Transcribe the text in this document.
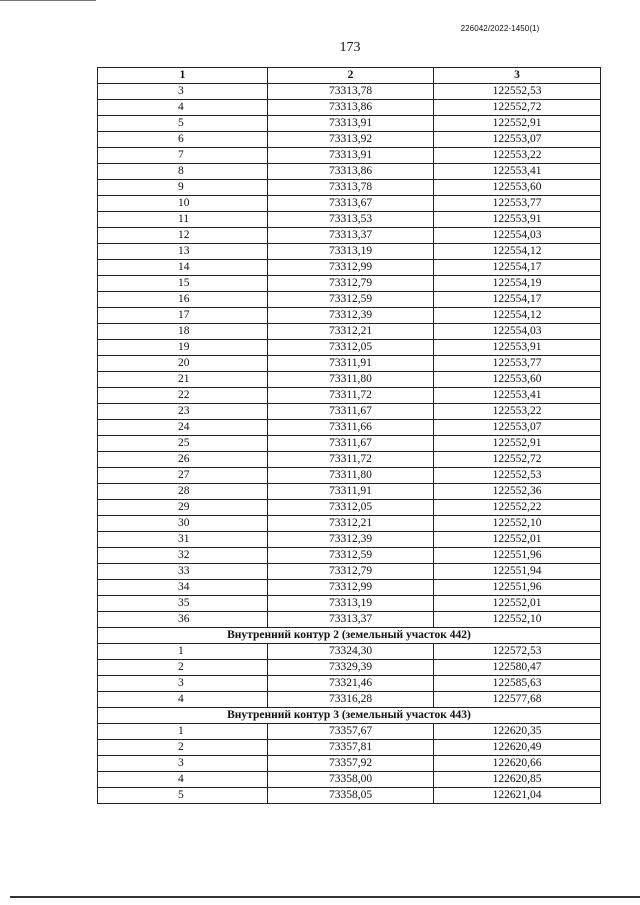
226042/2022-1450(1)
173
1	2	3
3	73313,78	122552,53
4	73313,86	122552,72
5	73313,91	122552,91
6	73313,92	122553,07
7	73313,91	122553,22
8	73313,86	122553,41
9	73313,78	122553,60
10	73313,67	122553,77
11	73313,53	122553,91
12	73313,37	122554,03
13	73313,19	122554,12
14	73312,99	122554,17
15	73312,79	122554,19
16	73312,59	122554,17
17	73312,39	122554,12
18	73312,21	122554,03
19	73312,05	122553,91
20	73311,91	122553,77
21	73311,80	122553,60
22	73311,72	122553,41
23	73311,67	122553,22
24	73311,66	122553,07
25	73311,67	122552,91
26	73311,72	122552,72
27	73311,80	122552,53
28	73311,91	122552,36
29	73312,05	122552,22
30	73312,21	122552,10
31	73312,39	122552,01
32	73312,59	122551,96
33	73312,79	122551,94
34	73312,99	122551,96
35	73313,19	122552,01
36	73313,37	122552,10
Внутренний контур 2 (земельный участок 442)		
1	73324,30	122572,53
2	73329,39	122580,47
3	73321,46	122585,63
4	73316,28	122577,68
Внутренний контур 3 (земельный участок 443)		
1	73357,67	122620,35
2	73357,81	122620,49
3	73357,92	122620,66
4	73358,00	122620,85
5	73358,05	122621,04
